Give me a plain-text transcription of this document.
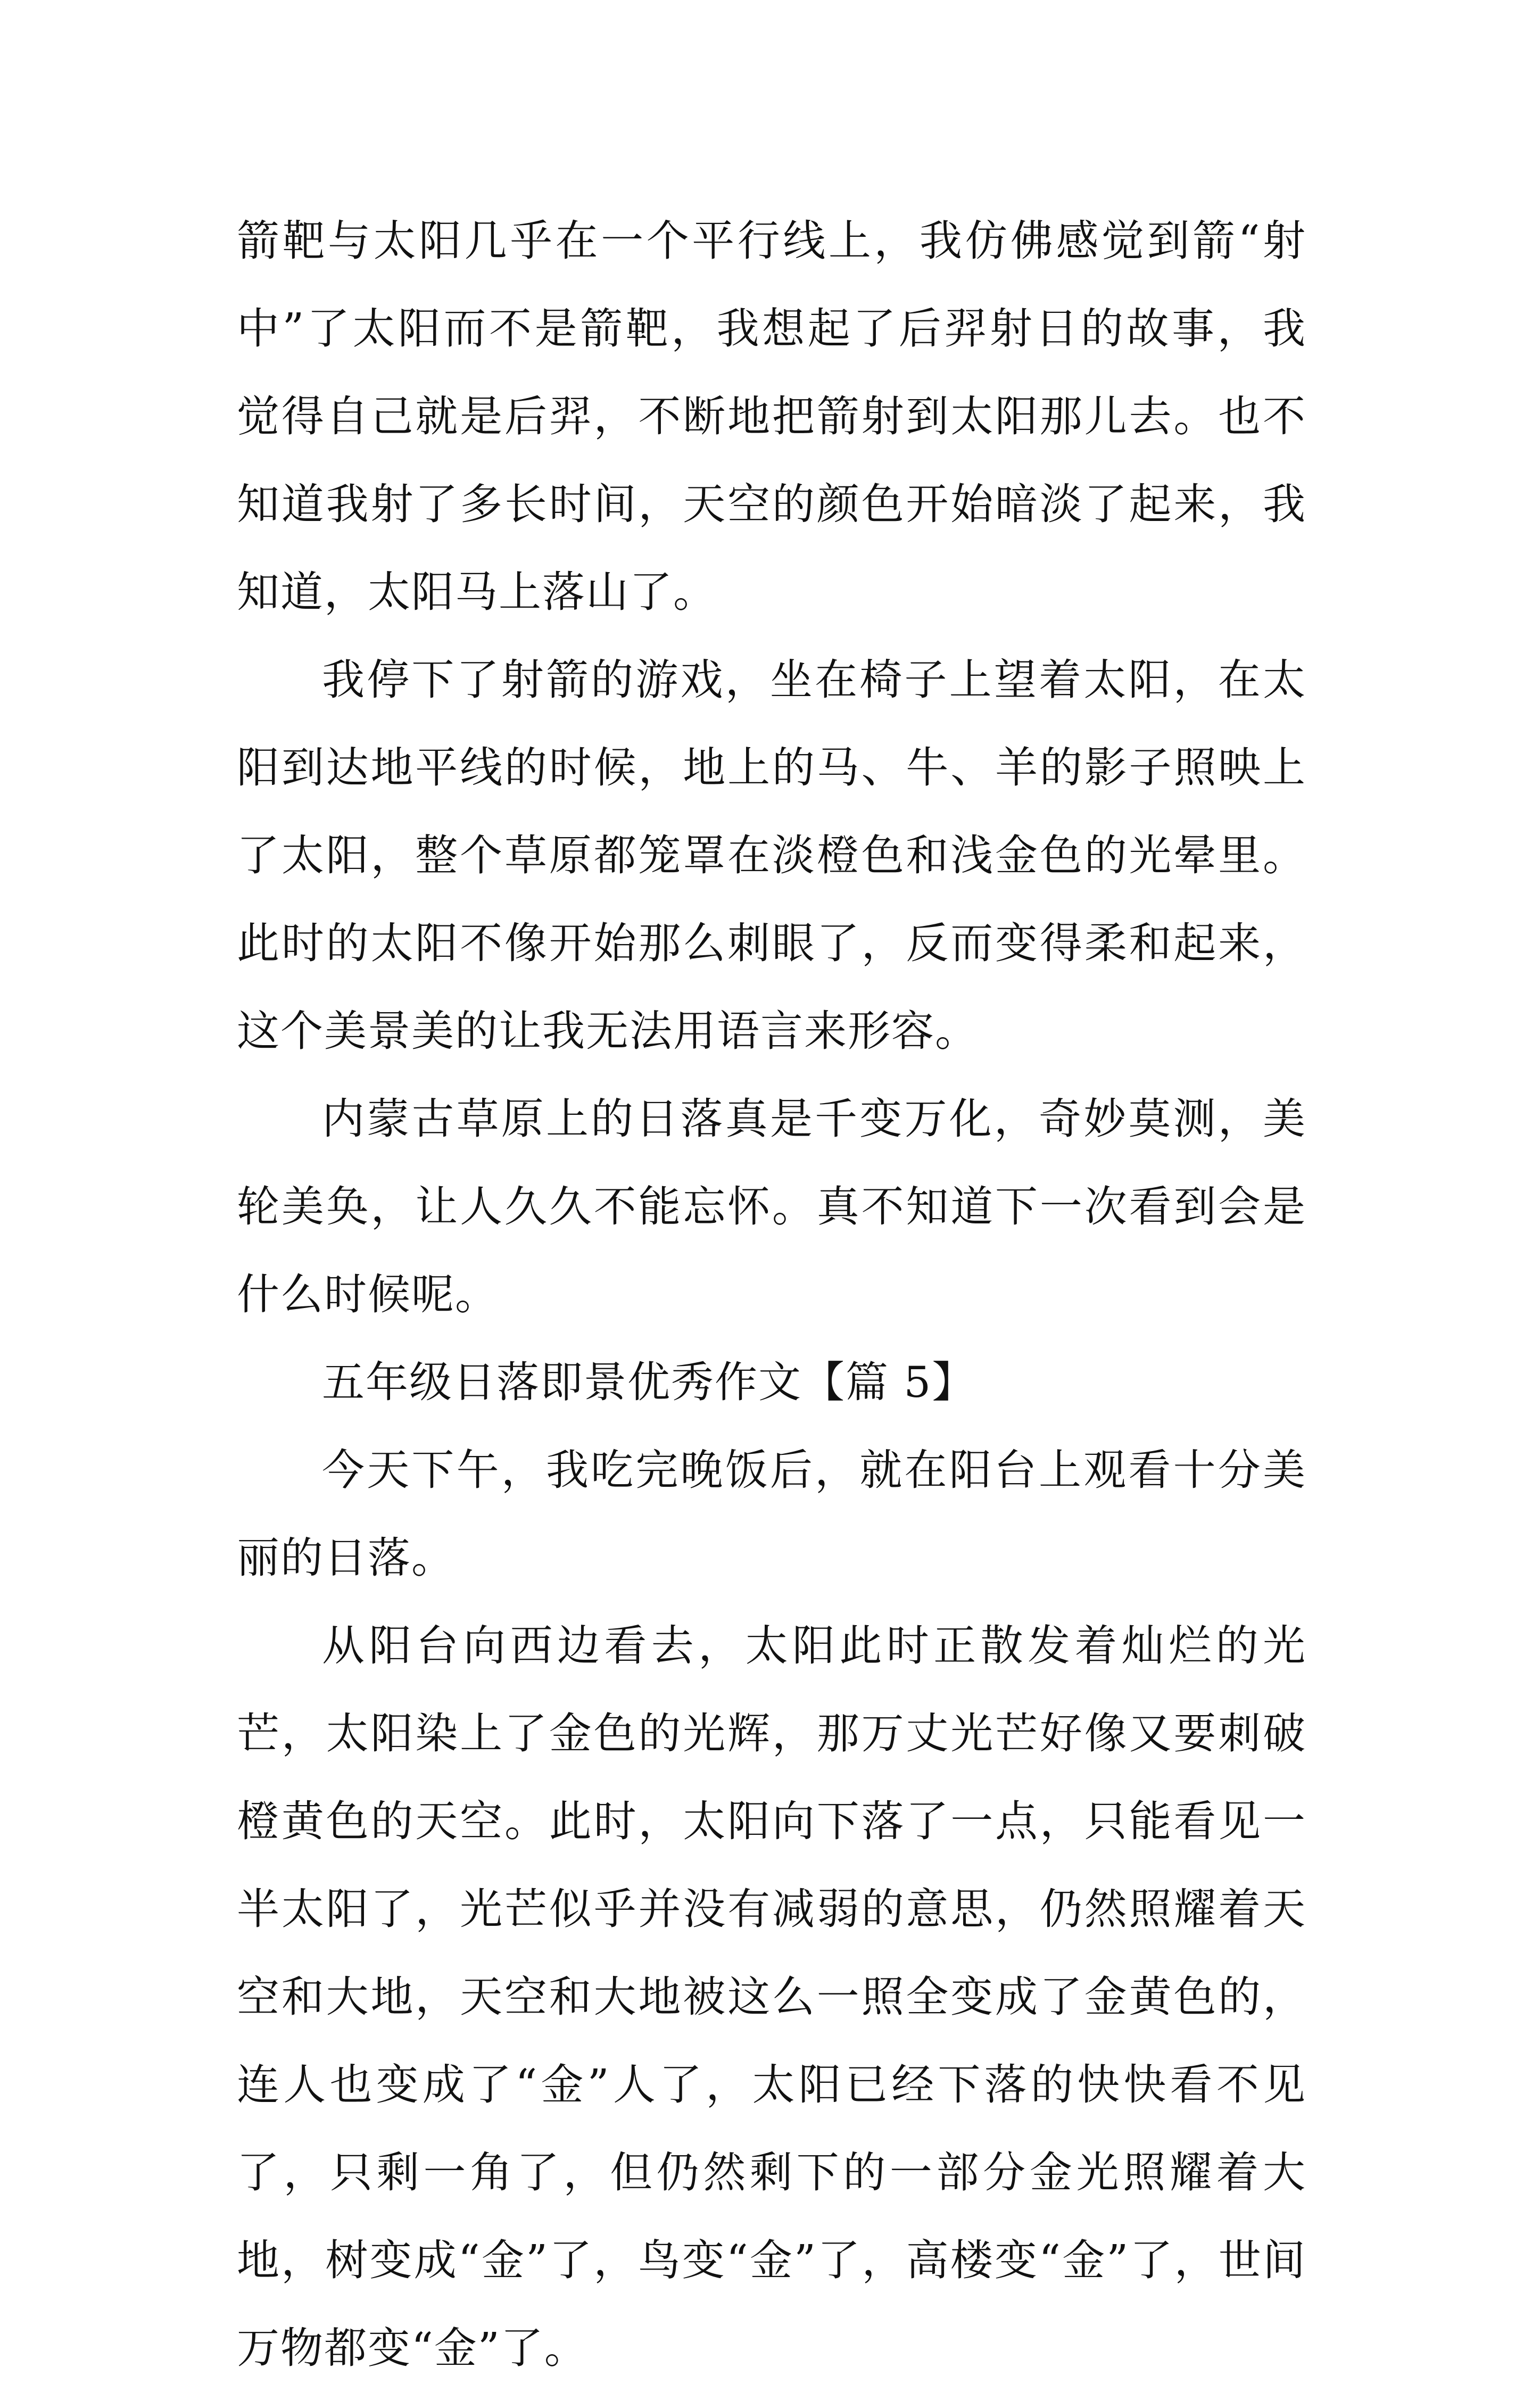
箭靶与太阳几乎在一个平行线上，我仿佛感觉到箭“射中”了太阳而不是箭靶，我想起了后羿射日的故事，我觉得自己就是后羿，不断地把箭射到太阳那儿去。也不知道我射了多长时间，天空的颜色开始暗淡了起来，我知道，太阳马上落山了。

我停下了射箭的游戏，坐在椅子上望着太阳，在太阳到达地平线的时候，地上的马、牛、羊的影子照映上了太阳，整个草原都笼罩在淡橙色和浅金色的光晕里。此时的太阳不像开始那么刺眼了，反而变得柔和起来，这个美景美的让我无法用语言来形容。

内蒙古草原上的日落真是千变万化，奇妙莫测，美轮美奂，让人久久不能忘怀。真不知道下一次看到会是什么时候呢。

五年级日落即景优秀作文【篇 5】

今天下午，我吃完晚饭后，就在阳台上观看十分美丽的日落。

从阳台向西边看去，太阳此时正散发着灿烂的光芒，太阳染上了金色的光辉，那万丈光芒好像又要刺破橙黄色的天空。此时，太阳向下落了一点，只能看见一半太阳了，光芒似乎并没有减弱的意思，仍然照耀着天空和大地，天空和大地被这么一照全变成了金黄色的，连人也变成了“金”人了，太阳已经下落的快快看不见了，只剩一角了，但仍然剩下的一部分金光照耀着大地，树变成“金”了，鸟变“金”了，高楼变“金”了，世间万物都变“金”了。
